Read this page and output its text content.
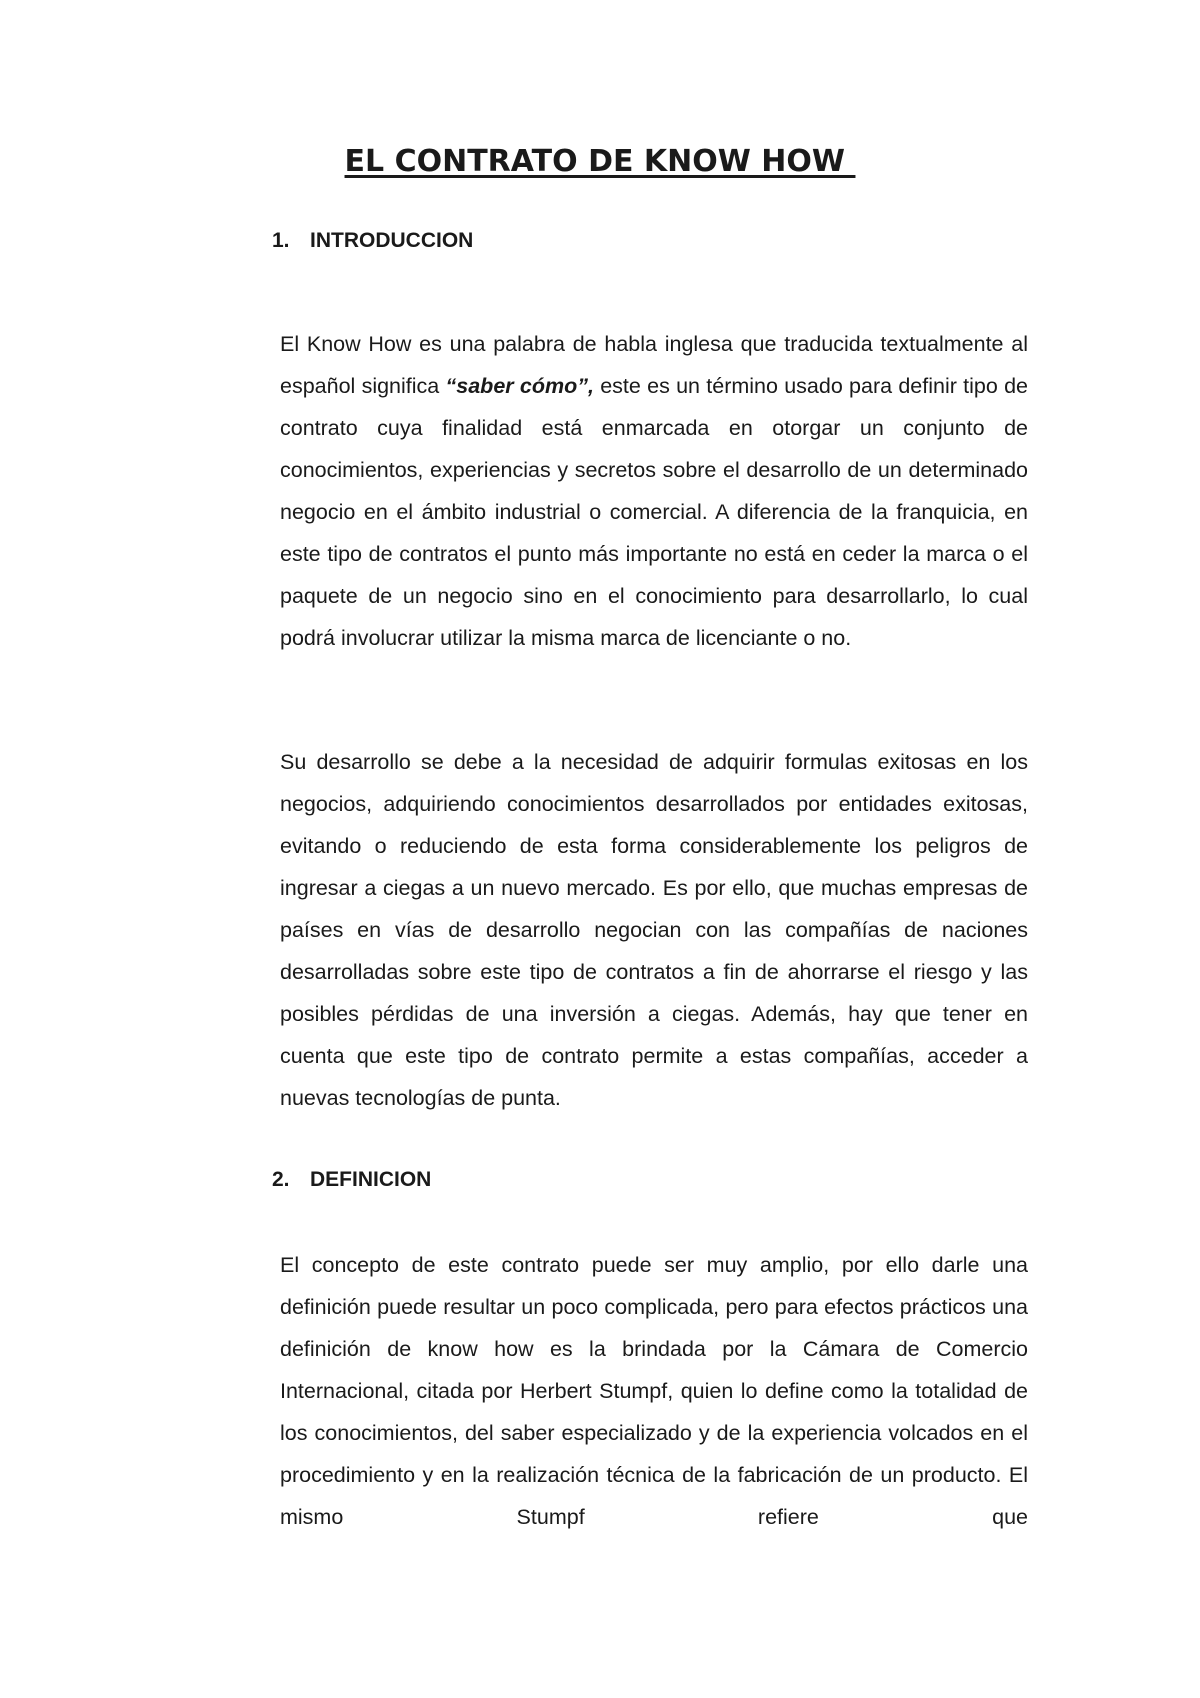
EL CONTRATO DE KNOW HOW
1. INTRODUCCION

El Know How es una palabra de habla inglesa que traducida textualmente al español significa “saber cómo”, este es un término usado para definir tipo de contrato cuya finalidad está enmarcada en otorgar un conjunto de conocimientos, experiencias y secretos sobre el desarrollo de un determinado negocio en el ámbito industrial o comercial. A diferencia de la franquicia, en este tipo de contratos el punto más importante no está en ceder la marca o el paquete de un negocio sino en el conocimiento para desarrollarlo, lo cual podrá involucrar utilizar la misma marca de licenciante o no.

Su desarrollo se debe a la necesidad de adquirir formulas exitosas en los negocios, adquiriendo conocimientos desarrollados por entidades exitosas, evitando o reduciendo de esta forma considerablemente los peligros de ingresar a ciegas a un nuevo mercado. Es por ello, que muchas empresas de países en vías de desarrollo negocian con las compañías de naciones desarrolladas sobre este tipo de contratos a fin de ahorrarse el riesgo y las posibles pérdidas de una inversión a ciegas. Además, hay que tener en cuenta que este tipo de contrato permite a estas compañías, acceder a nuevas tecnologías de punta.

2. DEFINICION

El concepto de este contrato puede ser muy amplio, por ello darle una definición puede resultar un poco complicada, pero para efectos prácticos una definición de know how es la brindada por la Cámara de Comercio Internacional, citada por Herbert Stumpf, quien lo define como la totalidad de los conocimientos, del saber especializado y de la experiencia volcados en el procedimiento y en la realización técnica de la fabricación de un producto. El mismo Stumpf refiere que
